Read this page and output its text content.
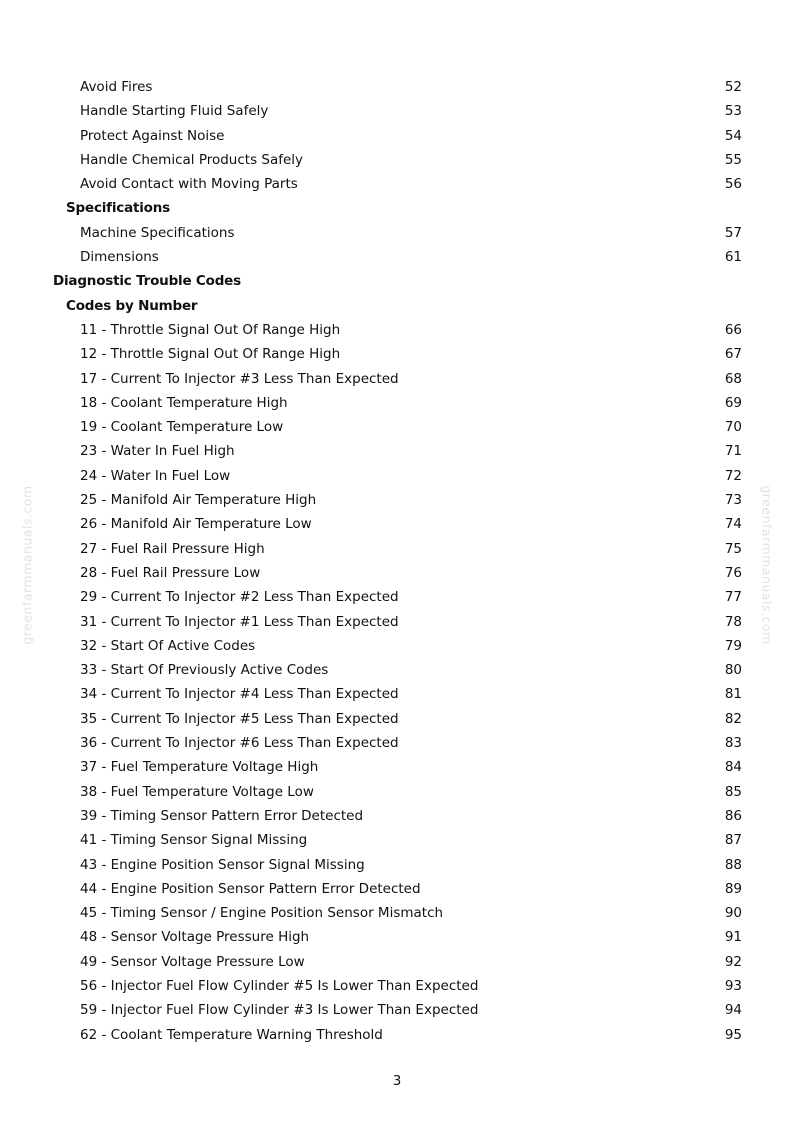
greenfarmmanuals.com	greenfarmmanuals.com
Avoid Fires	52
Handle Starting Fluid Safely	53
Protect Against Noise	54
Handle Chemical Products Safely	55
Avoid Contact with Moving Parts	56
Specifications
Machine Specifications	57
Dimensions	61
Diagnostic Trouble Codes
Codes by Number
11 - Throttle Signal Out Of Range High	66
12 - Throttle Signal Out Of Range High	67
17 - Current To Injector #3 Less Than Expected	68
18 - Coolant Temperature High	69
19 - Coolant Temperature Low	70
23 - Water In Fuel High	71
24 - Water In Fuel Low	72
25 - Manifold Air Temperature High	73
26 - Manifold Air Temperature Low	74
27 - Fuel Rail Pressure High	75
28 - Fuel Rail Pressure Low	76
29 - Current To Injector #2 Less Than Expected	77
31 - Current To Injector #1 Less Than Expected	78
32 - Start Of Active Codes	79
33 - Start Of Previously Active Codes	80
34 - Current To Injector #4 Less Than Expected	81
35 - Current To Injector #5 Less Than Expected	82
36 - Current To Injector #6 Less Than Expected	83
37 - Fuel Temperature Voltage High	84
38 - Fuel Temperature Voltage Low	85
39 - Timing Sensor Pattern Error Detected	86
41 - Timing Sensor Signal Missing	87
43 - Engine Position Sensor Signal Missing	88
44 - Engine Position Sensor Pattern Error Detected	89
45 - Timing Sensor / Engine Position Sensor Mismatch	90
48 - Sensor Voltage Pressure High	91
49 - Sensor Voltage Pressure Low	92
56 - Injector Fuel Flow Cylinder #5 Is Lower Than Expected	93
59 - Injector Fuel Flow Cylinder #3 Is Lower Than Expected	94
62 - Coolant Temperature Warning Threshold	95
3
